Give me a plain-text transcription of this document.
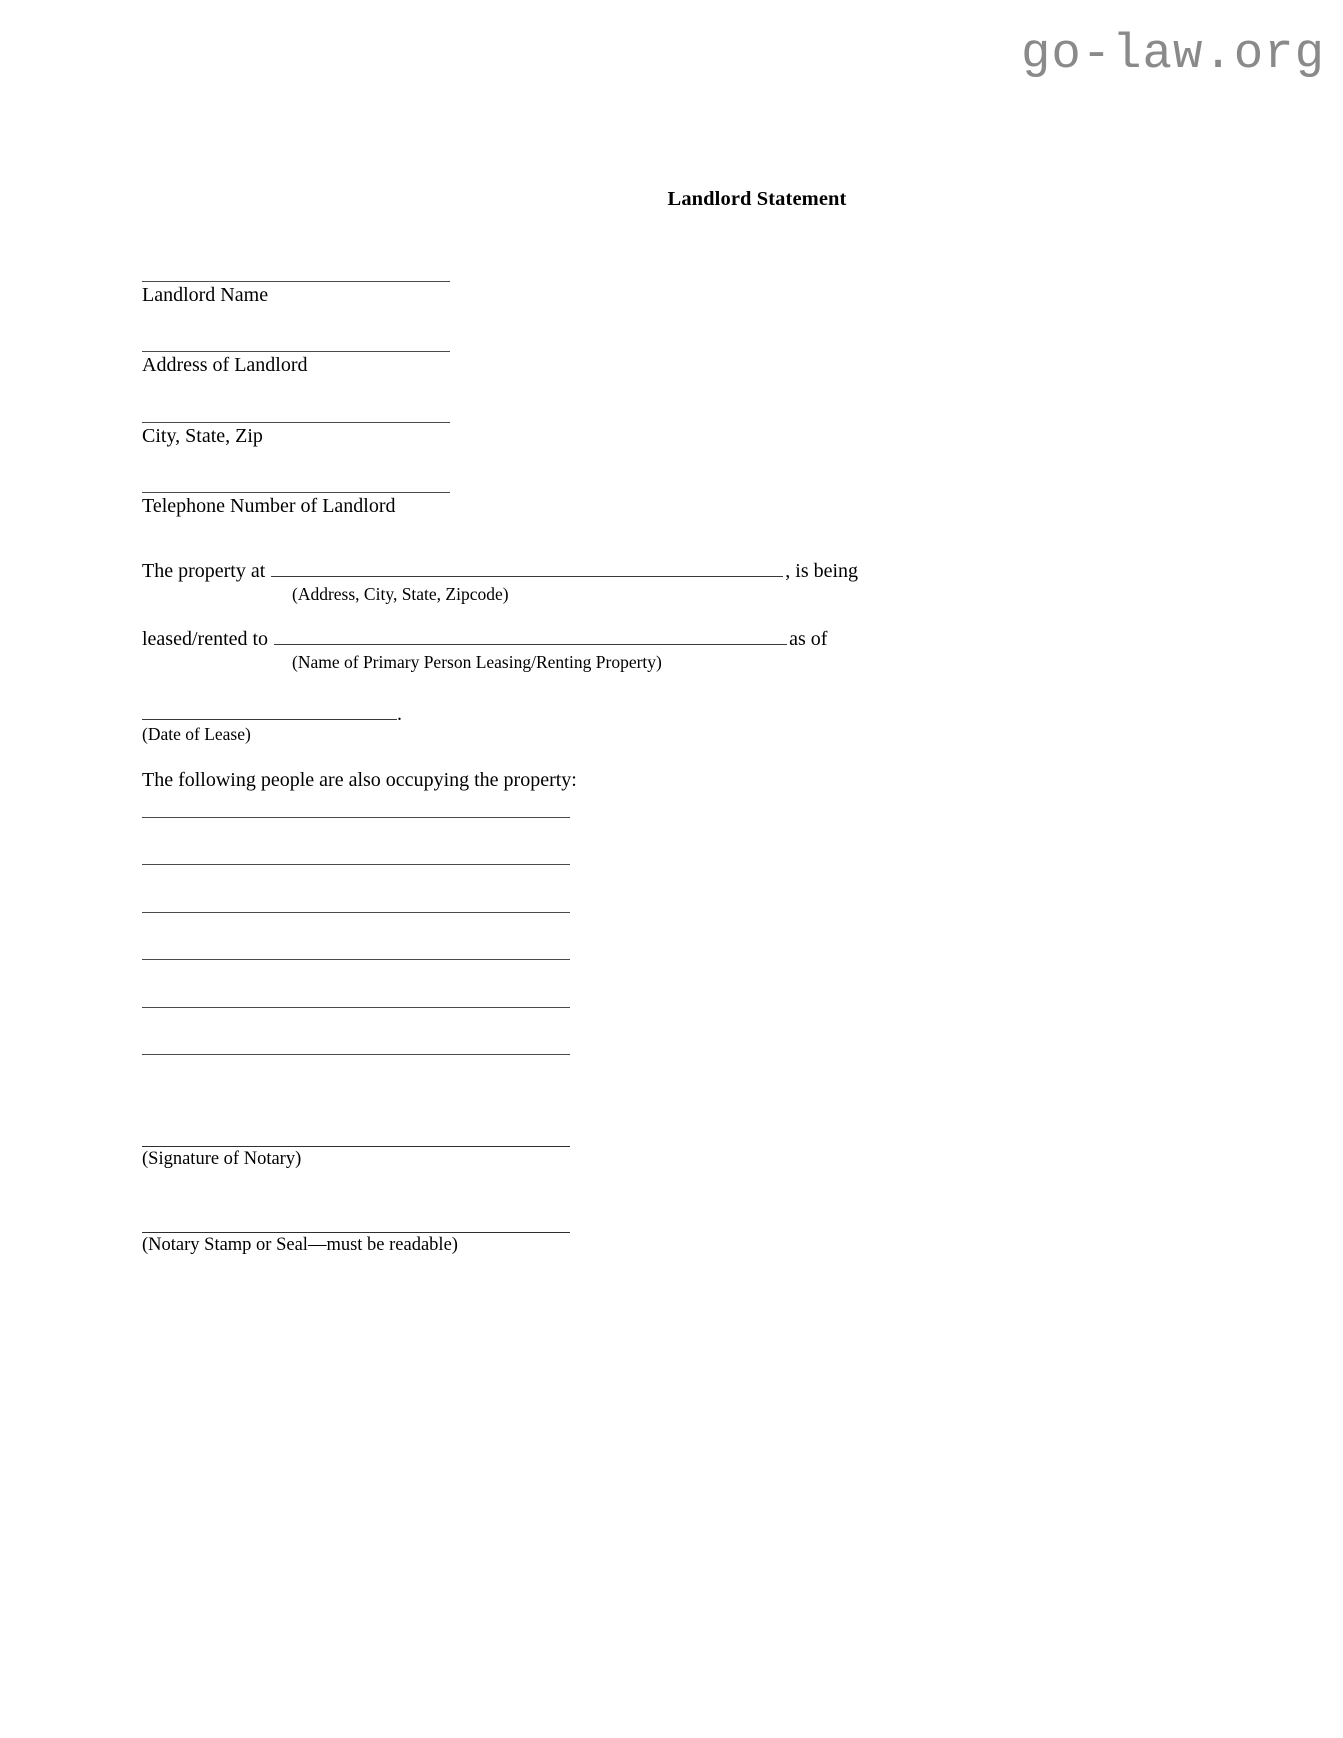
go-law.org
Landlord Statement
Landlord Name
Address of Landlord
City, State, Zip
Telephone Number of Landlord
The property at	, is being
(Address, City, State, Zipcode)
leased/rented to	as of
(Name of Primary Person Leasing/Renting Property)
.
(Date of Lease)
The following people are also occupying the property:
(Signature of Notary)
(Notary Stamp or Seal—must be readable)
